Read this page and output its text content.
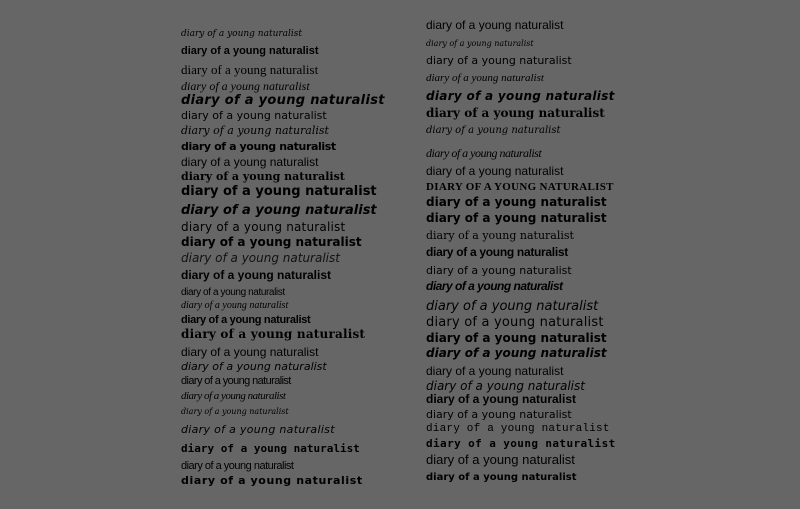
diary of a young naturalist
diary of a young naturalist
diary of a young naturalist
diary of a young naturalist
diary of a young naturalist
diary of a young naturalist
diary of a young naturalist
diary of a young naturalist
diary of a young naturalist
diary of a young naturalist
diary of a young naturalist
diary of a young naturalist
diary of a young naturalist
diary of a young naturalist
diary of a young naturalist
diary of a young naturalist
diary of a young naturalist
diary of a young naturalist
diary of a young naturalist
diary of a young naturalist
diary of a young naturalist
diary of a young naturalist
diary of a young naturalist
diary of a young naturalist
diary of a young naturalist
diary of a young naturalist
diary of a young naturalist
diary of a young naturalist
diary of a young naturalist
diary of a young naturalist
diary of a young naturalist
diary of a young naturalist
diary of a young naturalist
diary of a young naturalist
diary of a young naturalist
diary of a young naturalist
diary of a young naturalist
diary of a young naturalist
DIARY OF A YOUNG NATURALIST
diary of a young naturalist
diary of a young naturalist
diary of a young naturalist
diary of a young naturalist
diary of a young naturalist
diary of a young naturalist
diary of a young naturalist
diary of a young naturalist
diary of a young naturalist
diary of a young naturalist
diary of a young naturalist
diary of a young naturalist
diary of a young naturalist
diary of a young naturalist
diary of a young naturalist
diary of a young naturalist
diary of a young naturalist
diary of a young naturalist
